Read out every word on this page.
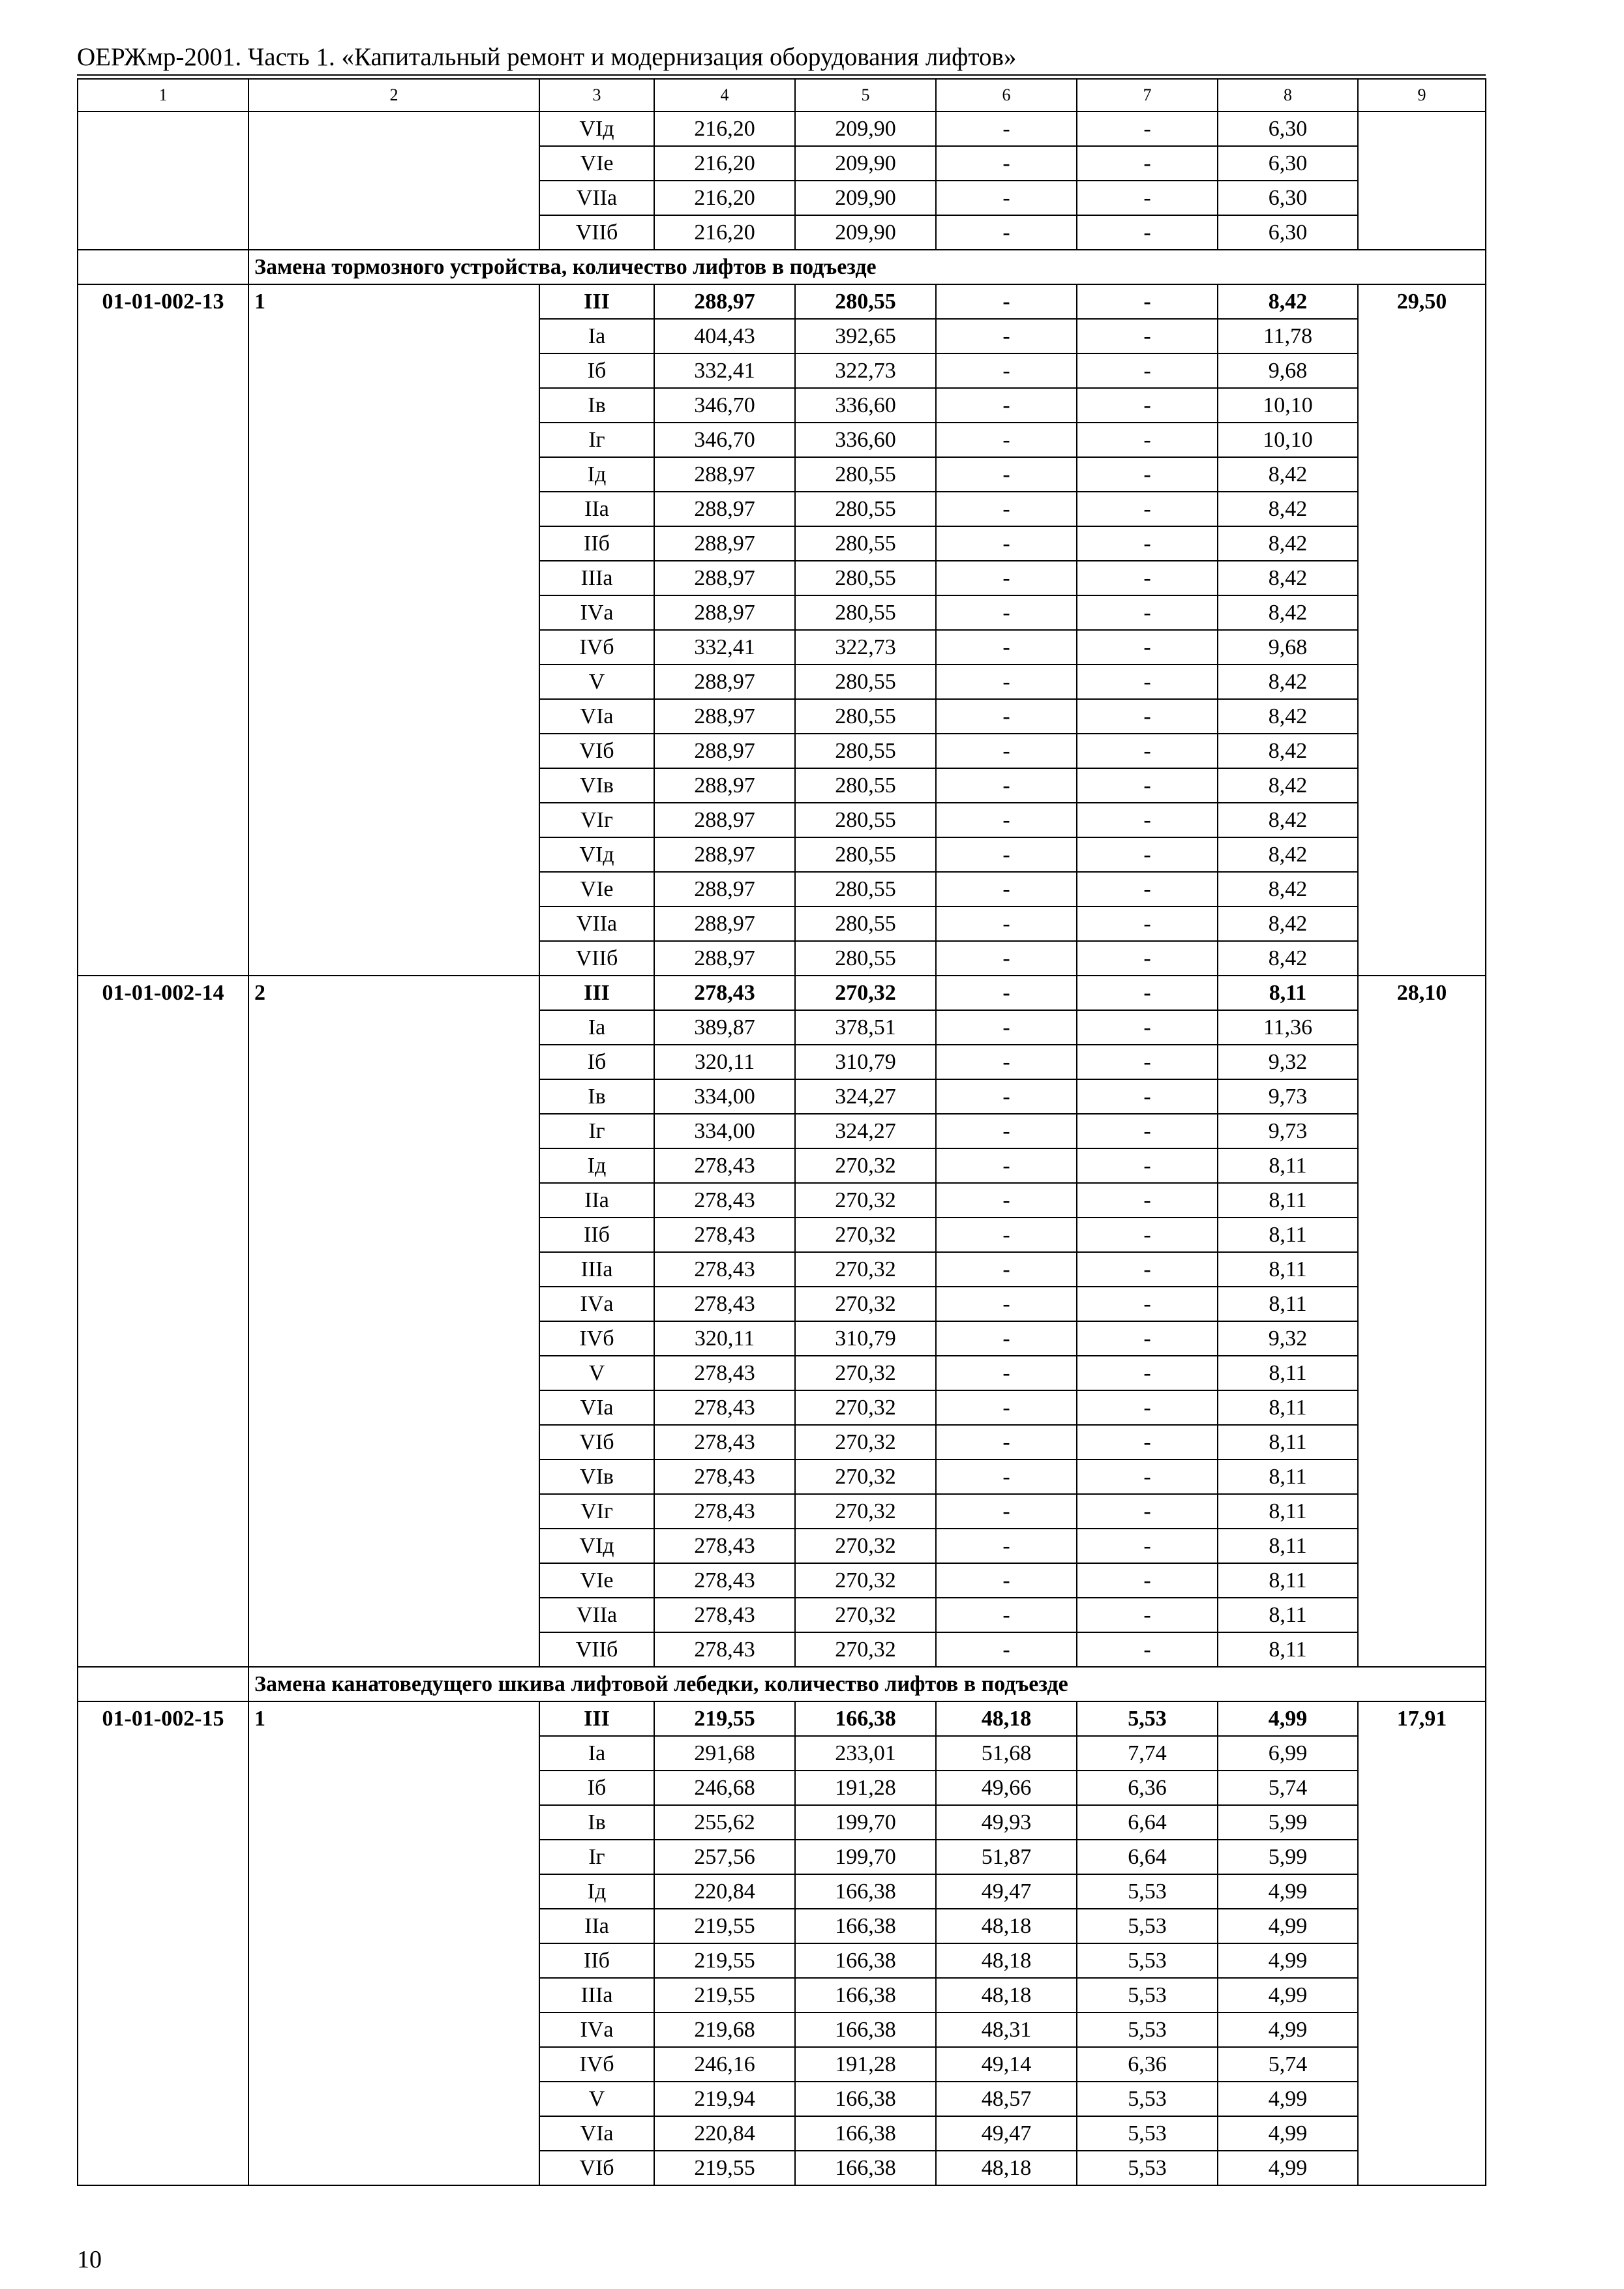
ОЕРЖмр-2001. Часть 1. «Капитальный ремонт и модернизация оборудования лифтов»
1	2	3	4	5	6	7	8	9
		VIд	216,20	209,90	-	-	6,30	
		VIе	216,20	209,90	-	-	6,30	
		VIIа	216,20	209,90	-	-	6,30	
		VIIб	216,20	209,90	-	-	6,30	
	Замена тормозного устройства, количество лифтов в подъезде							
01-01-002-13	1	III	288,97	280,55	-	-	8,42	29,50
		Iа	404,43	392,65	-	-	11,78	
		Iб	332,41	322,73	-	-	9,68	
		Iв	346,70	336,60	-	-	10,10	
		Iг	346,70	336,60	-	-	10,10	
		Iд	288,97	280,55	-	-	8,42	
		IIа	288,97	280,55	-	-	8,42	
		IIб	288,97	280,55	-	-	8,42	
		IIIа	288,97	280,55	-	-	8,42	
		IVа	288,97	280,55	-	-	8,42	
		IVб	332,41	322,73	-	-	9,68	
		V	288,97	280,55	-	-	8,42	
		VIа	288,97	280,55	-	-	8,42	
		VIб	288,97	280,55	-	-	8,42	
		VIв	288,97	280,55	-	-	8,42	
		VIг	288,97	280,55	-	-	8,42	
		VIд	288,97	280,55	-	-	8,42	
		VIе	288,97	280,55	-	-	8,42	
		VIIа	288,97	280,55	-	-	8,42	
		VIIб	288,97	280,55	-	-	8,42	
01-01-002-14	2	III	278,43	270,32	-	-	8,11	28,10
		Iа	389,87	378,51	-	-	11,36	
		Iб	320,11	310,79	-	-	9,32	
		Iв	334,00	324,27	-	-	9,73	
		Iг	334,00	324,27	-	-	9,73	
		Iд	278,43	270,32	-	-	8,11	
		IIа	278,43	270,32	-	-	8,11	
		IIб	278,43	270,32	-	-	8,11	
		IIIа	278,43	270,32	-	-	8,11	
		IVа	278,43	270,32	-	-	8,11	
		IVб	320,11	310,79	-	-	9,32	
		V	278,43	270,32	-	-	8,11	
		VIа	278,43	270,32	-	-	8,11	
		VIб	278,43	270,32	-	-	8,11	
		VIв	278,43	270,32	-	-	8,11	
		VIг	278,43	270,32	-	-	8,11	
		VIд	278,43	270,32	-	-	8,11	
		VIе	278,43	270,32	-	-	8,11	
		VIIа	278,43	270,32	-	-	8,11	
		VIIб	278,43	270,32	-	-	8,11	
	Замена канатоведущего шкива лифтовой лебедки, количество лифтов в подъезде							
01-01-002-15	1	III	219,55	166,38	48,18	5,53	4,99	17,91
		Iа	291,68	233,01	51,68	7,74	6,99	
		Iб	246,68	191,28	49,66	6,36	5,74	
		Iв	255,62	199,70	49,93	6,64	5,99	
		Iг	257,56	199,70	51,87	6,64	5,99	
		Iд	220,84	166,38	49,47	5,53	4,99	
		IIа	219,55	166,38	48,18	5,53	4,99	
		IIб	219,55	166,38	48,18	5,53	4,99	
		IIIа	219,55	166,38	48,18	5,53	4,99	
		IVа	219,68	166,38	48,31	5,53	4,99	
		IVб	246,16	191,28	49,14	6,36	5,74	
		V	219,94	166,38	48,57	5,53	4,99	
		VIа	220,84	166,38	49,47	5,53	4,99	
		VIб	219,55	166,38	48,18	5,53	4,99	
10
